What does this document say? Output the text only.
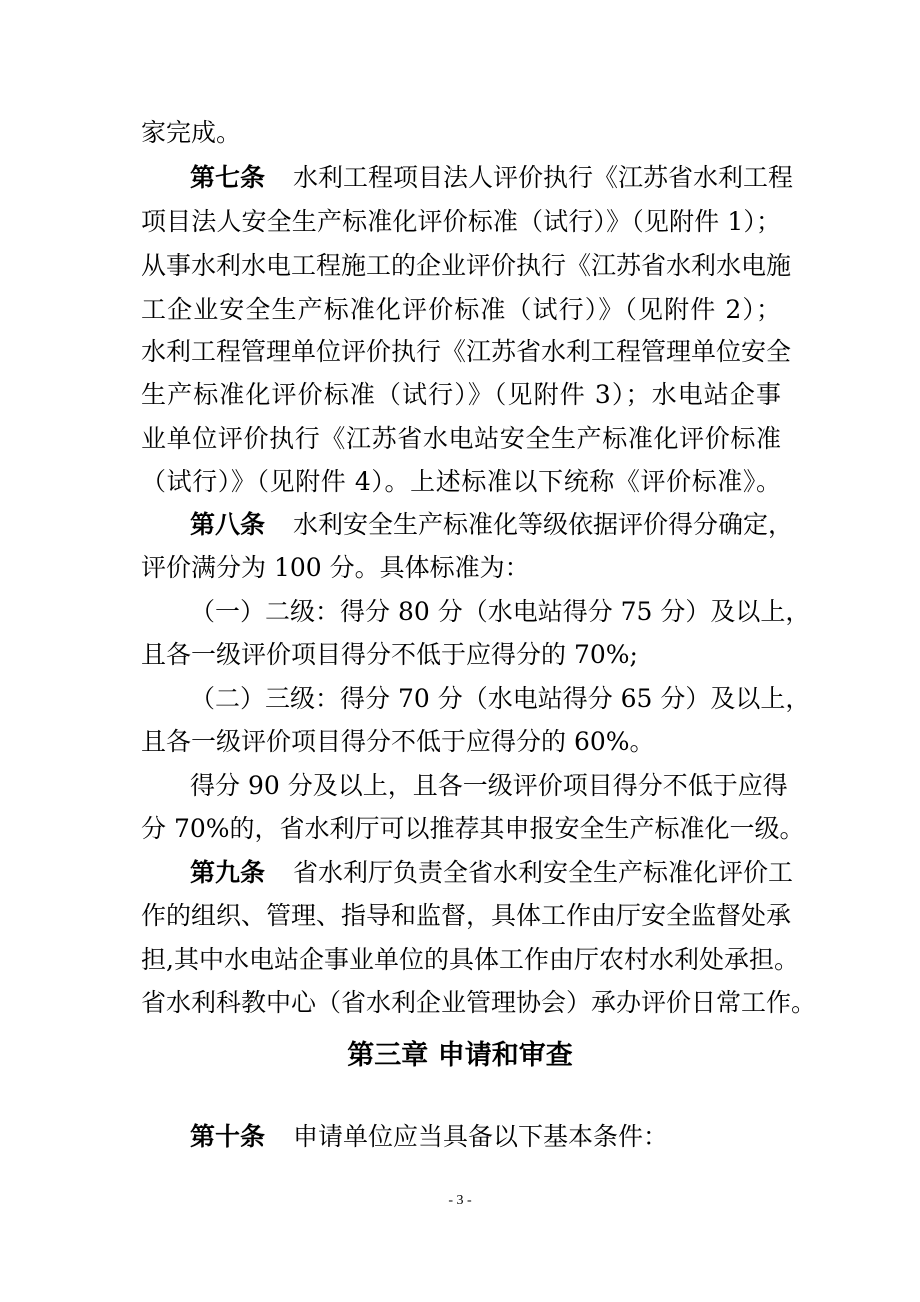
家完成。
第七条 水利工程项目法人评价执行《江苏省水利工程
项目法人安全生产标准化评价标准（试行）》（见附件 1）；
从事水利水电工程施工的企业评价执行《江苏省水利水电施
工企业安全生产标准化评价标准（试行）》（见附件 2）；
水利工程管理单位评价执行《江苏省水利工程管理单位安全
生产标准化评价标准（试行）》（见附件 3）；水电站企事
业单位评价执行《江苏省水电站安全生产标准化评价标准
（试行）》（见附件 4）。上述标准以下统称《评价标准》。
第八条 水利安全生产标准化等级依据评价得分确定，
评价满分为 100 分。具体标准为：
（一）二级：得分 80 分（水电站得分 75 分）及以上，
且各一级评价项目得分不低于应得分的 70%;
（二）三级：得分 70 分（水电站得分 65 分）及以上，
且各一级评价项目得分不低于应得分的 60%。
得分 90 分及以上，且各一级评价项目得分不低于应得
分 70%的，省水利厅可以推荐其申报安全生产标准化一级。
第九条 省水利厅负责全省水利安全生产标准化评价工
作的组织、管理、指导和监督，具体工作由厅安全监督处承
担,其中水电站企事业单位的具体工作由厅农村水利处承担。
省水利科教中心（省水利企业管理协会）承办评价日常工作。
第三章 申请和审查
第十条 申请单位应当具备以下基本条件：
- 3 -
